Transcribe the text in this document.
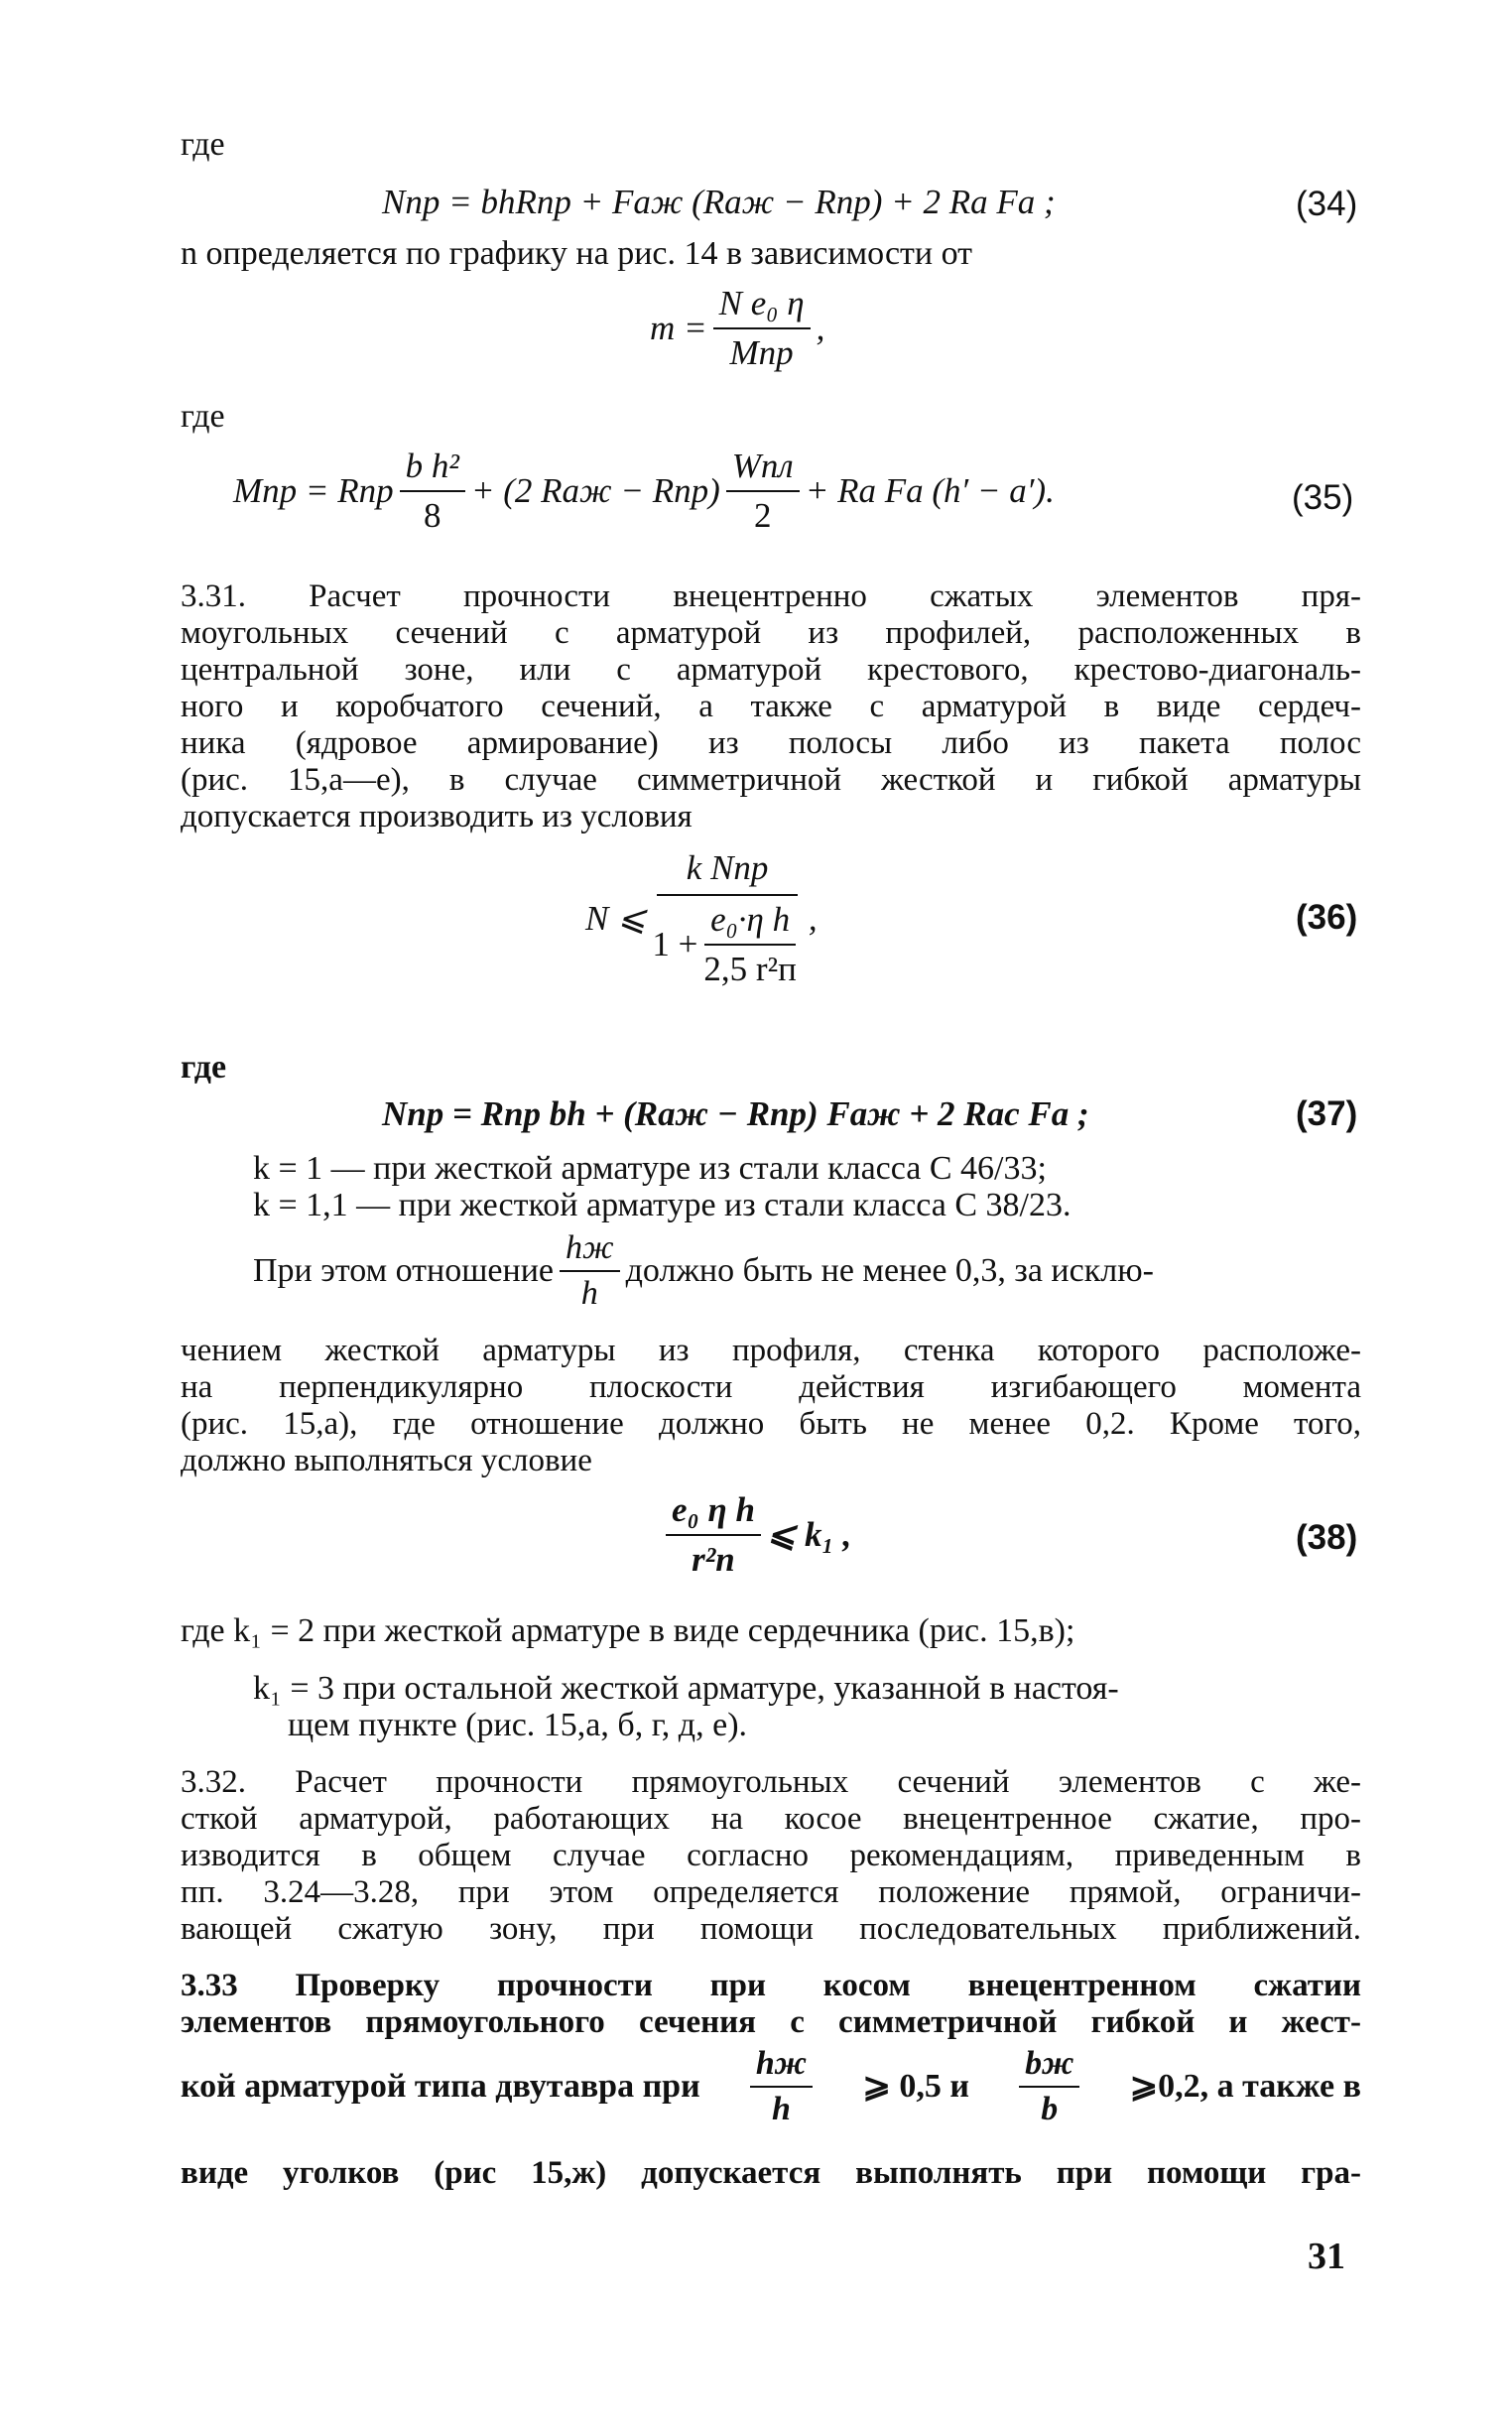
где
Nпр = bhRпр + Fаж (Rаж − Rпр) + 2 Ra Fa ;	(34)
n определяется по графику на рис. 14 в зависимости от
$m = \frac{\text{N e₀ η}}{\text{Mпр}}$ ,
где
Mпр = Rпр $\frac{\text{b h²}}{8} + (2$ Rаж − $Rпр) \frac{\text{Wпл}}{2} + Ra$ Fa (h′ − a′).	(35)
3.31. Расчет прочности внецентренно сжатых элементов пря-
моугольных сечений с арматурой из профилей, расположенных в
центральной зоне, или с арматурой крестового, крестово-диагональ-
ного и коробчатого сечений, а также с арматурой в виде сердеч-
ника (ядровое армирование) из полосы либо из пакета полос
(рис. 15,а—е), в случае симметричной жесткой и гибкой арматуры
допускается производить из условия
N ⩽ $\frac{\text{k Nпр}}{1 + \frac{\text{e₀·η h}}{\text{2,5 r²п}}}$ ,	(36)
где
Nпр = Rпр bh + (Rаж − Rпр) Fаж + 2 Rас Fa ;	(37)
k = 1 — при жесткой арматуре из стали класса С 46/33;
k = 1,1 — при жесткой арматуре из стали класса С 38/23.
При этом отношение $\frac{hж}{h}$ должно быть не менее 0,3, за исклю-
чением жесткой арматуры из профиля, стенка которого расположе-
на перпендикулярно плоскости действия изгибающего момента
(рис. 15,а), где отношение должно быть не менее 0,2. Кроме того,
должно выполняться условие
$\frac{\text{e₀ η h}}{\text{r²п}}$ ⩽ k₁ ,	(38)
где k₁ = 2 при жесткой арматуре в виде сердечника (рис. 15,в);
k₁ = 3 при остальной жесткой арматуре, указанной в настоя-
щем пункте (рис. 15,а, б, г, д, е).
3.32. Расчет прочности прямоугольных сечений элементов с же-
сткой арматурой, работающих на косое внецентренное сжатие, про-
изводится в общем случае согласно рекомендациям, приведенным в
пп. 3.24—3.28, при этом определяется положение прямой, ограничи-
вающей сжатую зону, при помощи последовательных приближений.
3.33 Проверку прочности при косом внецентренном сжатии
элементов прямоугольного сечения с симметричной гибкой и жест-
кой арматурой типа двутавра при $\frac{hж}{h}$ ⩾ 0,5 и $\frac{bж}{b}$ ⩾0,2, а также в
виде уголков (рис 15,ж) допускается выполнять при помощи гра-
31
